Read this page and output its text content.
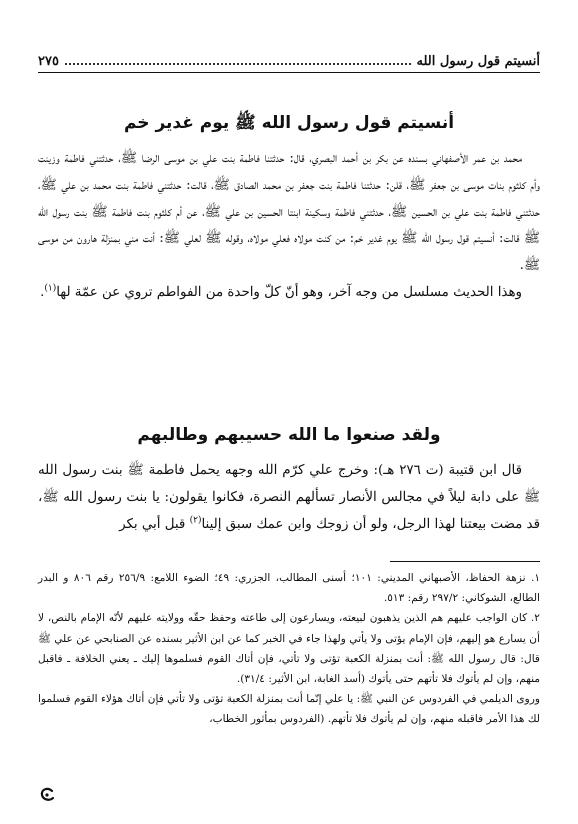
أنسيتم قول رسول الله
٢٧٥
أنسيتم قول رسول الله ﷺ يوم غدير خم

محمد بن عمر الأصفهاني بسنده عن بكر بن أحمد البصري، قال: حدثتنا فاطمة بنت علي بن موسى الرضا ﷺ، حدثتني فاطمة وزينت وأم كلثوم بنات موسى بن جعفر ﷺ، قلن: حدثتنا فاطمة بنت جعفر بن محمد الصادق ﷺ، قالت: حدثتني فاطمة بنت محمد بن علي ﷺ، حدثتني فاطمة بنت علي بن الحسين ﷺ، حدثتني فاطمة وسكينة ابنتا الحسين بن علي ﷺ، عن أم كلثوم بنت فاطمة ﷺ بنت رسول الله ﷺ قالت: أنسيتم قول رسول الله ﷺ يوم غدير خم: من كنت مولاه فعلي مولاه، وقوله ﷺ لعلي ﷺ: أنت مني بمنزلة هارون من موسى ﷺ.

وهذا الحديث مسلسل من وجه آخر، وهو أنّ كلّ واحدة من الفواطم تروي عن عمّة لها$^{(١)}$.

ولقد صنعوا ما الله حسيبهم وطالبهم

قال ابن قتيبة (ت ٢٧٦ هـ): وخرج علي كرّم الله وجهه يحمل فاطمة ﷺ بنت رسول الله ﷺ على دابة ليلاً في مجالس الأنصار تسألهم النصرة، فكانوا يقولون: يا بنت رسول الله ﷺ، قد مضت بيعتنا لهذا الرجل، ولو أن زوجك وابن عمك سبق إلينا$^{(٢)}$ قبل أبي بكر

١. نزهة الحفاظ، الأصبهاني المديني: ١٠١؛ أسنى المطالب، الجزري: ٤٩؛ الضوء اللامع: ٢٥٦/٩ رقم ٨٠٦ و البدر الطالع، الشوكاني: ٢٩٧/٢ رقم: ٥١٣.

٢. كان الواجب عليهم هم الذين يذهبون لبيعته، ويسارعون إلى طاعته وحفظ حقّه وولايته عليهم لأنّه الإمام بالنص، لا أن يسارع هو إليهم، فإن الإمام يؤتى ولا يأتي ولهذا جاء في الخبر كما عن ابن الأثير بسنده عن الصنابحي عن علي ﷺ قال: قال رسول الله ﷺ: أنت بمنزلة الكعبة تؤتى ولا تأتي، فإن أتاك القوم فسلموها إليك ـ يعني الخلافة ـ فاقبل منهم، وإن لم يأتوك فلا تأتهم حتى يأتوك (أسد الغابة، ابن الأثير: ٣١/٤).

وروى الديلمي في الفردوس عن النبي ﷺ: يا علي إنّما أنت بمنزلة الكعبة تؤتى ولا تأتي فإن أتاك هؤلاء القوم فسلموا لك هذا الأمر فاقبله منهم، وإن لم يأتوك فلا تأتهم. (الفردوس بمأثور الخطاب،
